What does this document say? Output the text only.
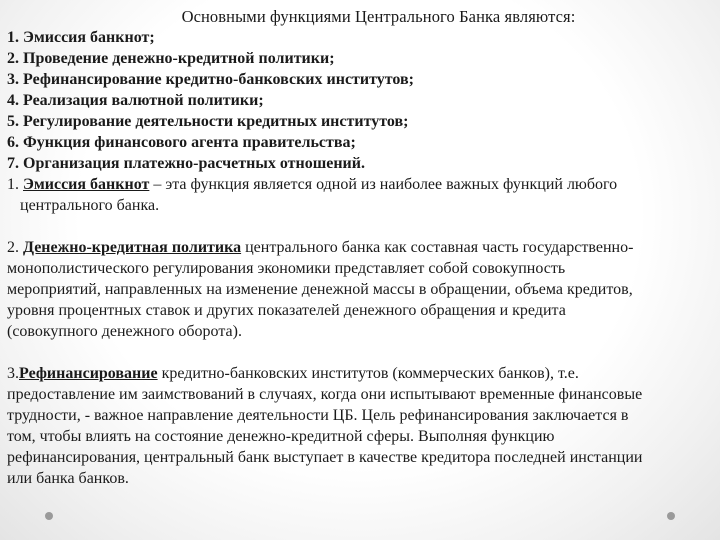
Основными функциями Центрального Банка являются:
1. Эмиссия банкнот;
2. Проведение денежно-кредитной политики;
3. Рефинансирование кредитно-банковских институтов;
4. Реализация валютной политики;
5. Регулирование деятельности кредитных институтов;
6. Функция финансового агента правительства;
7. Организация платежно-расчетных отношений.
1. Эмиссия банкнот – эта функция является одной из наиболее важных функций любого
центрального банка.
2. Денежно-кредитная политика центрального банка как составная часть государственно-
монополистического регулирования экономики представляет собой совокупность
мероприятий, направленных на изменение денежной массы в обращении, объема кредитов,
уровня процентных ставок и других показателей денежного обращения и кредита
(совокупного денежного оборота).
3.Рефинансирование кредитно-банковских институтов (коммерческих банков), т.е.
предоставление им заимствований в случаях, когда они испытывают временные финансовые
трудности, - важное направление деятельности ЦБ. Цель рефинансирования заключается в
том, чтобы влиять на состояние денежно-кредитной сферы. Выполняя функцию
рефинансирования, центральный банк выступает в качестве кредитора последней инстанции
или банка банков.
